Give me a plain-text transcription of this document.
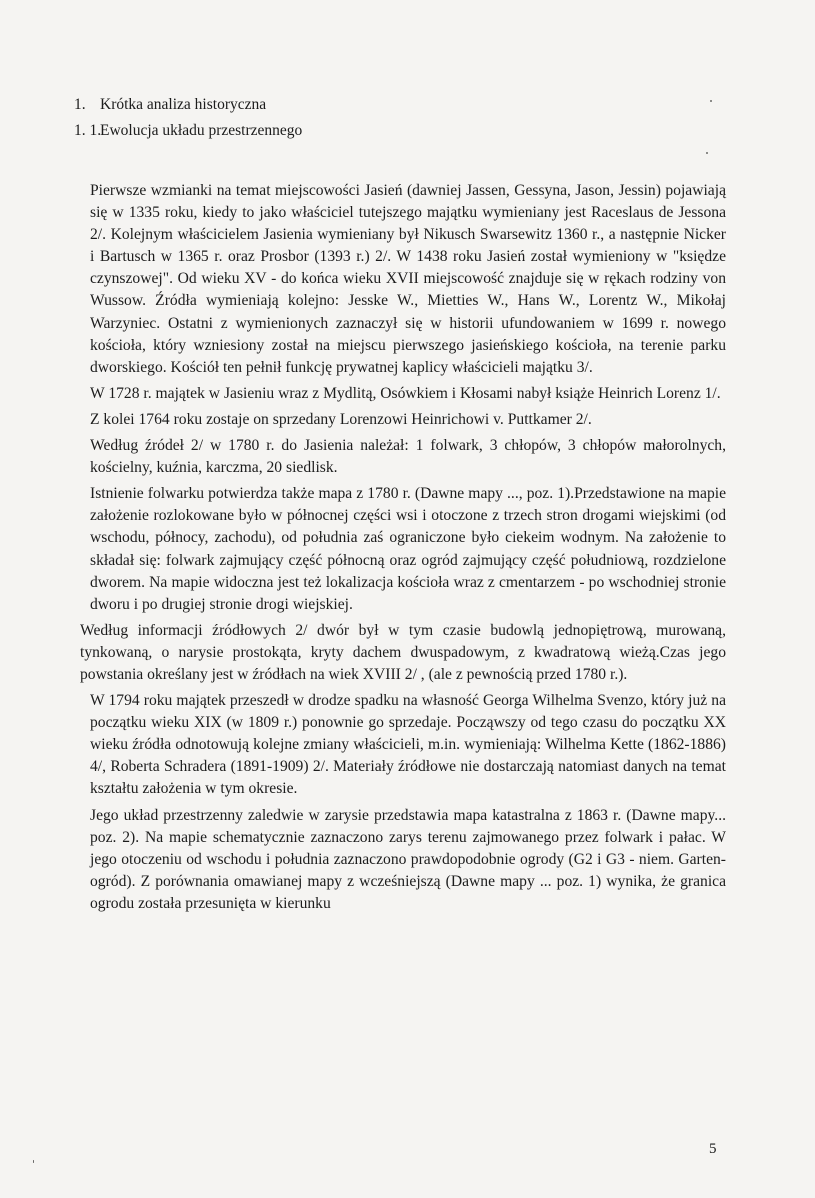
1. Krótka analiza historyczna
1. 1.Ewolucja układu przestrzennego

Pierwsze wzmianki na temat miejscowości Jasień (dawniej Jassen, Gessyna, Jason, Jessin) pojawiają się w 1335 roku, kiedy to jako właściciel tutejszego majątku wymieniany jest Raceslaus de Jessona 2/. Kolejnym właścicielem Jasienia wymieniany był Nikusch Swarsewitz 1360 r., a następnie Nicker i Bartusch w 1365 r. oraz Prosbor (1393 r.) 2/. W 1438 roku Jasień został wymieniony w "księdze czynszowej". Od wieku XV - do końca wieku XVII miejscowość znajduje się w rękach rodziny von Wussow. Źródła wymieniają kolejno: Jesske W., Mietties W., Hans W., Lorentz W., Mikołaj Warzyniec. Ostatni z wymienionych zaznaczył się w historii ufundowaniem w 1699 r. nowego kościoła, który wzniesiony został na miejscu pierwszego jasieńskiego kościoła, na terenie parku dworskiego. Kościół ten pełnił funkcję prywatnej kaplicy właścicieli majątku 3/.

W 1728 r. majątek w Jasieniu wraz z Mydlitą, Osówkiem i Kłosami nabył książe Heinrich Lorenz 1/.

Z kolei 1764 roku zostaje on sprzedany Lorenzowi Heinrichowi v. Puttkamer 2/.

Według źródeł 2/ w 1780 r. do Jasienia należał: 1 folwark, 3 chłopów, 3 chłopów małorolnych, kościelny, kuźnia, karczma, 20 siedlisk.

Istnienie folwarku potwierdza także mapa z 1780 r. (Dawne mapy ..., poz. 1).Przedstawione na mapie założenie rozlokowane było w północnej części wsi i otoczone z trzech stron drogami wiejskimi (od wschodu, północy, zachodu), od południa zaś ograniczone było ciekeim wodnym. Na założenie to składał się: folwark zajmujący część północną oraz ogród zajmujący część południową, rozdzielone dworem. Na mapie widoczna jest też lokalizacja kościoła wraz z cmentarzem - po wschodniej stronie dworu i po drugiej stronie drogi wiejskiej.

Według informacji źródłowych 2/ dwór był w tym czasie budowlą jednopiętrową, murowaną, tynkowaną, o narysie prostokąta, kryty dachem dwuspadowym, z kwadratową wieżą.Czas jego powstania określany jest w źródłach na wiek XVIII 2/ , (ale z pewnością przed 1780 r.).

W 1794 roku majątek przeszedł w drodze spadku na własność Georga Wilhelma Svenzo, który już na początku wieku XIX (w 1809 r.) ponownie go sprzedaje. Począwszy od tego czasu do początku XX wieku źródła odnotowują kolejne zmiany właścicieli, m.in. wymieniają: Wilhelma Kette (1862-1886) 4/, Roberta Schradera (1891-1909) 2/. Materiały źródłowe nie dostarczają natomiast danych na temat kształtu założenia w tym okresie.

Jego układ przestrzenny zaledwie w zarysie przedstawia mapa katastralna z 1863 r. (Dawne mapy... poz. 2). Na mapie schematycznie zaznaczono zarys terenu zajmowanego przez folwark i pałac. W jego otoczeniu od wschodu i południa zaznaczono prawdopodobnie ogrody (G2 i G3 - niem. Garten-ogród). Z porównania omawianej mapy z wcześniejszą (Dawne mapy ... poz. 1) wynika, że granica ogrodu została przesunięta w kierunku

5
